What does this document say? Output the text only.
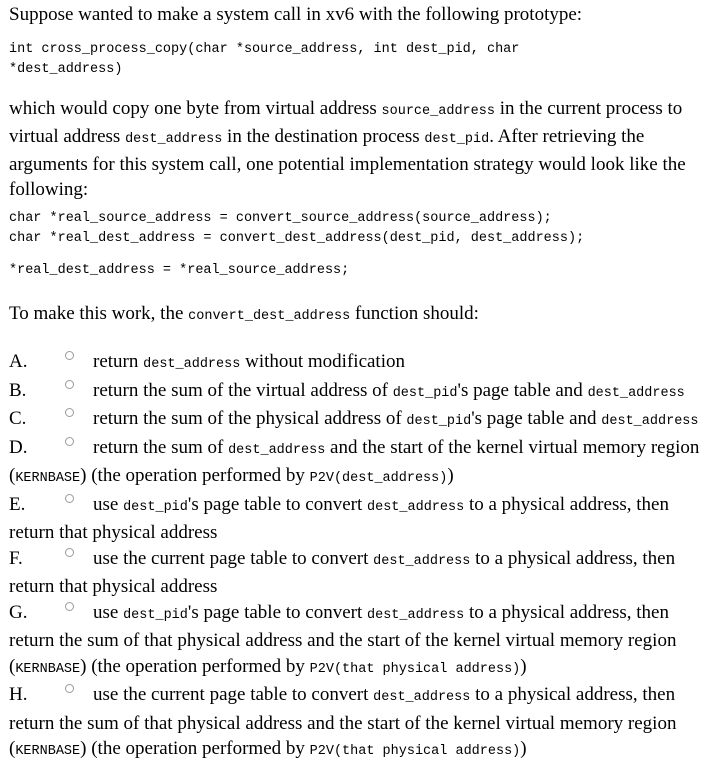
Suppose wanted to make a system call in xv6 with the following prototype:

int cross_process_copy(char *source_address, int dest_pid, char
*dest_address)

which would copy one byte from virtual address source_address in the current process to virtual address dest_address in the destination process dest_pid. After retrieving the arguments for this system call, one potential implementation strategy would look like the following:

char *real_source_address = convert_source_address(source_address);
char *real_dest_address = convert_dest_address(dest_pid, dest_address);

*real_dest_address = *real_source_address;

To make this work, the convert_dest_address function should:

A.	return dest_address without modification

B.	return the sum of the virtual address of dest_pid's page table and dest_address

C.	return the sum of the physical address of dest_pid's page table and dest_address

D.	return the sum of dest_address and the start of the kernel virtual memory region (KERNBASE) (the operation performed by P2V(dest_address))

E.	use dest_pid's page table to convert dest_address to a physical address, then return that physical address

F.	use the current page table to convert dest_address to a physical address, then return that physical address

G.	use dest_pid's page table to convert dest_address to a physical address, then return the sum of that physical address and the start of the kernel virtual memory region (KERNBASE) (the operation performed by P2V(that physical address))

H.	use the current page table to convert dest_address to a physical address, then return the sum of that physical address and the start of the kernel virtual memory region (KERNBASE) (the operation performed by P2V(that physical address))
